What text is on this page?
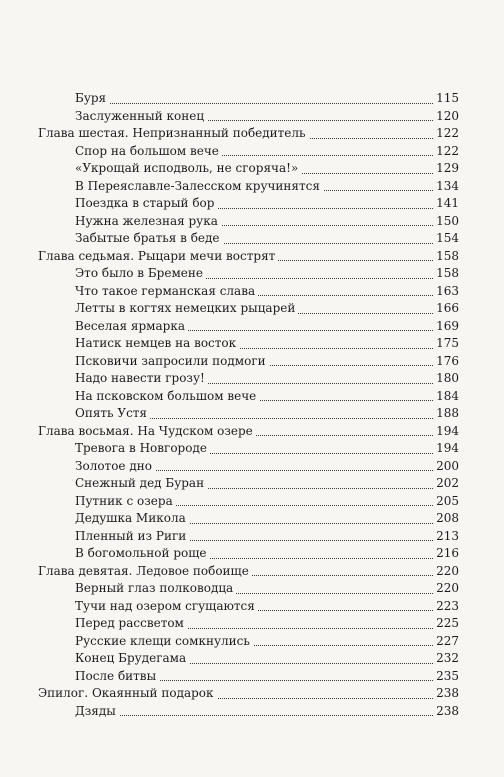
Буря	115
Заслуженный конец	120
Глава шестая. Непризнанный победитель	122
Спор на большом вече	122
«Укрощай исподволь, не сгоряча!»	129
В Переяславле-Залесском кручинятся	134
Поездка в старый бор	141
Нужна железная рука	150
Забытые братья в беде	154
Глава седьмая. Рыцари мечи вострят	158
Это было в Бремене	158
Что такое германская слава	163
Летты в когтях немецких рыцарей	166
Веселая ярмарка	169
Натиск немцев на восток	175
Псковичи запросили подмоги	176
Надо навести грозу!	180
На псковском большом вече	184
Опять Устя	188
Глава восьмая. На Чудском озере	194
Тревога в Новгороде	194
Золотое дно	200
Снежный дед Буран	202
Путник с озера	205
Дедушка Микола	208
Пленный из Риги	213
В богомольной роще	216
Глава девятая. Ледовое побоище	220
Верный глаз полководца	220
Тучи над озером сгущаются	223
Перед рассветом	225
Русские клещи сомкнулись	227
Конец Брудегама	232
После битвы	235
Эпилог. Окаянный подарок	238
Дзяды	238
